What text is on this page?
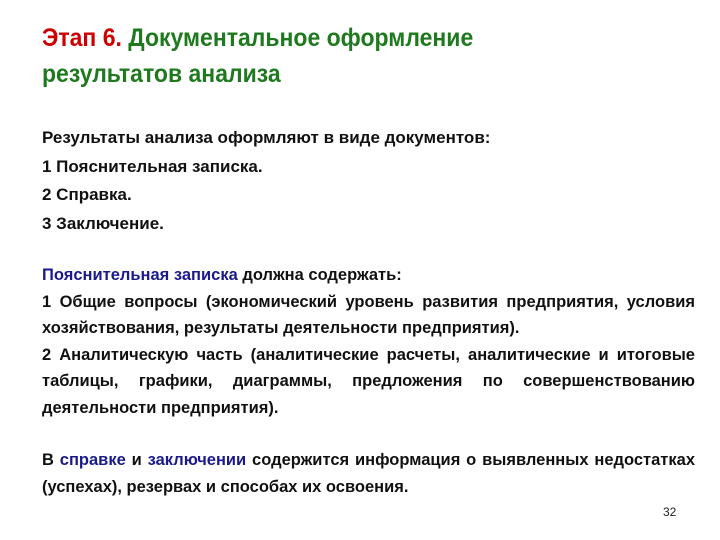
Этап 6. Документальное оформление
результатов анализа
Результаты анализа оформляют в виде документов:
1 Пояснительная записка.
2 Справка.
3 Заключение.

Пояснительная записка должна содержать:

1 Общие вопросы (экономический уровень развития предприятия, условия хозяйствования, результаты деятельности предприятия).

2 Аналитическую часть (аналитические расчеты, аналитические и итоговые таблицы, графики, диаграммы, предложения по совершенствованию деятельности предприятия).

В справке и заключении содержится информация о выявленных недостатках (успехах), резервах и способах их освоения.

32
